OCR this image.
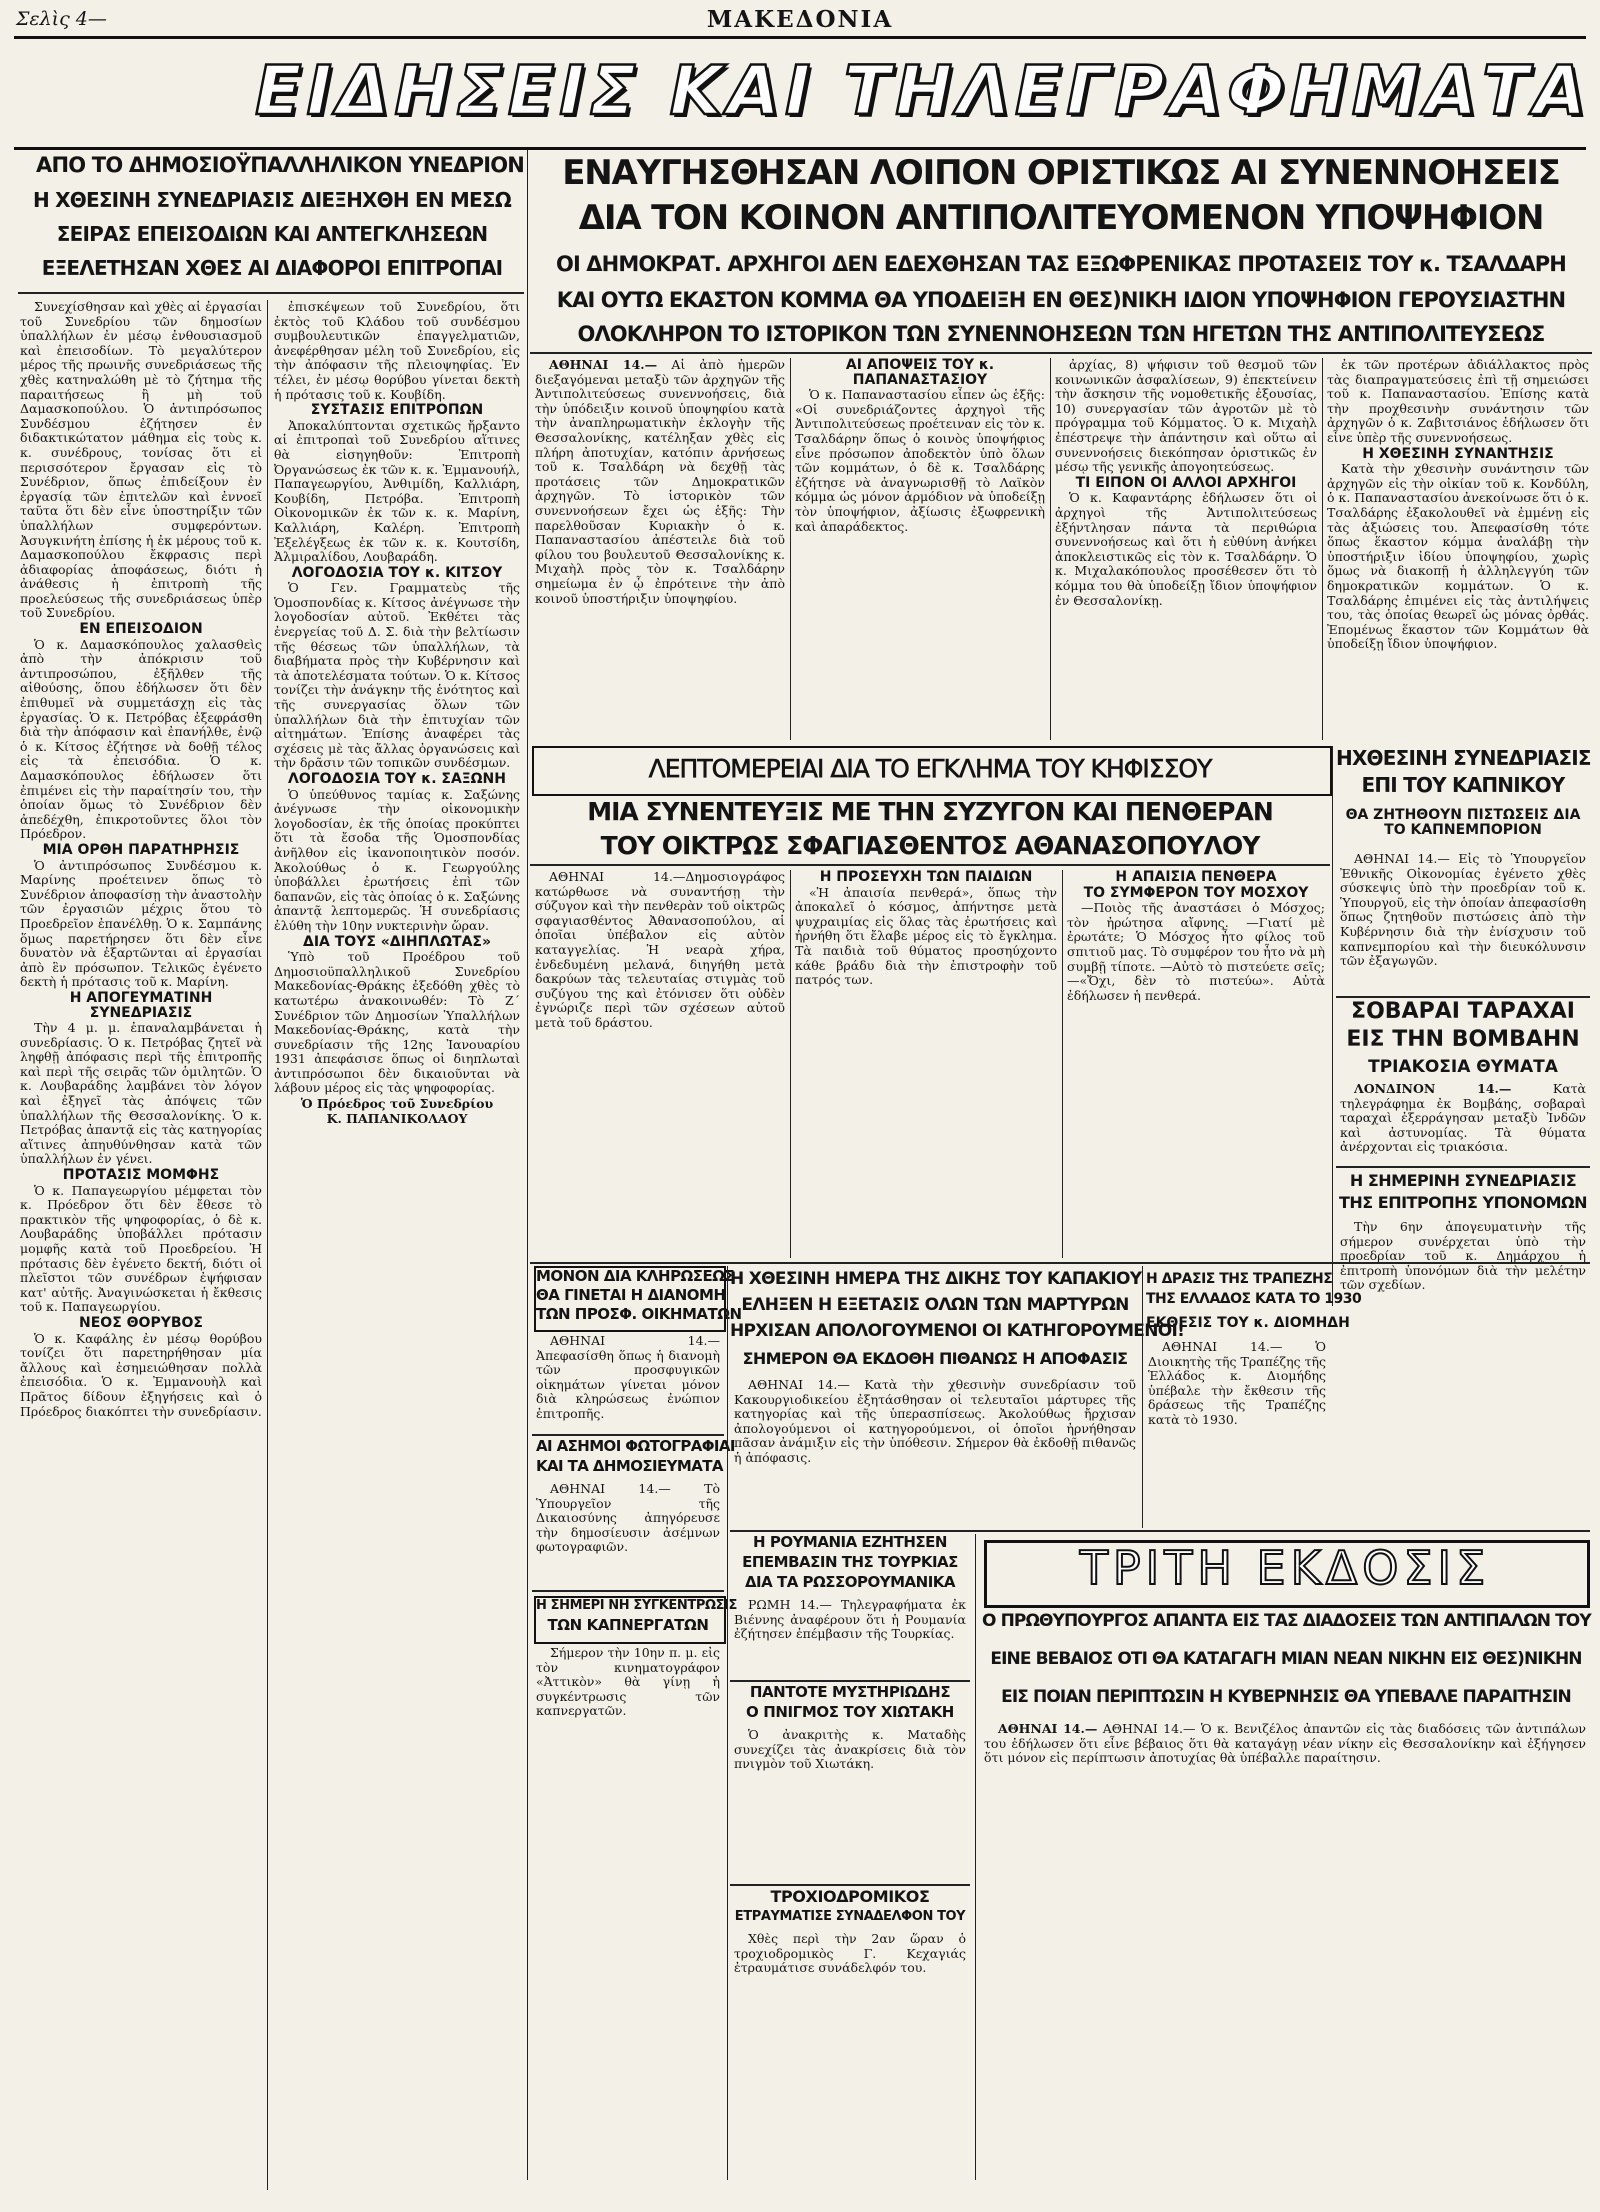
Σελὶς 4—	ΜΑΚΕΔΟΝΙΑ
ΕΙΔΗΣΕΙΣ ΚΑΙ ΤΗΛΕΓΡΑΦΗΜΑΤΑ
ΑΠΟ ΤΟ ΔΗΜΟΣΙΟΫΠΑΛΛΗΛΙΚΟΝ ΥΝΕΔΡΙΟΝ
Η ΧΘΕΣΙΝΗ ΣΥΝΕΔΡΙΑΣΙΣ ΔΙΕΞΗΧΘΗ ΕΝ ΜΕΣΩ
ΣΕΙΡΑΣ ΕΠΕΙΣΟΔΙΩΝ ΚΑΙ ΑΝΤΕΓΚΛΗΣΕΩΝ
ΕΞΕΛΕΤΗΣΑΝ ΧΘΕΣ ΑΙ ΔΙΑΦΟΡΟΙ ΕΠΙΤΡΟΠΑΙ

Συνεχίσθησαν καὶ χθὲς αἱ ἐργασίαι τοῦ Συνεδρίου τῶν δημοσίων ὑπαλλήλων ἐν μέσῳ ἐνθουσιασμοῦ καὶ ἐπεισοδίων. Τὸ μεγαλύτερον μέρος τῆς πρωινῆς συνεδριάσεως τῆς χθὲς κατηναλώθη μὲ τὸ ζήτημα τῆς παραιτήσεως ἢ μὴ τοῦ Δαμασκοπούλου. Ὁ ἀντιπρόσωπος Συνδέσμου ἐζήτησεν ἐν διδακτικώτατον μάθημα εἰς τοὺς κ. κ. συνέδρους, τονίσας ὅτι εἰ περισσότερον ἔργασαν εἰς τὸ Συνέδριον, ὅπως ἐπιδείξουν ἐν ἐργασίᾳ τῶν ἐπιτελῶν καὶ ἐννοεῖ ταῦτα ὅτι δὲν εἶνε ὑποστηρίξιν τῶν ὑπαλλήλων συμφερόντων. Ἀσυγκινήτη ἐπίσης ἡ ἐκ μέρους τοῦ κ. Δαμασκοπούλου ἔκφρασις περὶ ἀδιαφορίας ἀποφάσεως, διότι ἡ ἀνάθεσις ἡ ἐπιτροπὴ τῆς προελεύσεως τῆς συνεδριάσεως ὑπὲρ τοῦ Συνεδρίου.

ΕΝ ΕΠΕΙΣΟΔΙΟΝ

Ὁ κ. Δαμασκόπουλος χαλασθεὶς ἀπὸ τὴν ἀπόκρισιν τοῦ ἀντιπροσώπου, ἐξῆλθεν τῆς αἰθούσης, ὅπου ἐδήλωσεν ὅτι δὲν ἐπιθυμεῖ νὰ συμμετάσχῃ εἰς τὰς ἐργασίας. Ὁ κ. Πετρόβας ἐξεφράσθη διὰ τὴν ἀπόφασιν καὶ ἐπανήλθε, ἐνῷ ὁ κ. Κίτσος ἐζήτησε νὰ δοθῇ τέλος εἰς τὰ ἐπεισόδια. Ὁ κ. Δαμασκόπουλος ἐδήλωσεν ὅτι ἐπιμένει εἰς τὴν παραίτησίν του, τὴν ὁποίαν ὅμως τὸ Συνέδριον δὲν ἀπεδέχθη, ἐπικροτοῦντες ὅλοι τὸν Πρόεδρον.

ΜΙΑ ΟΡΘΗ ΠΑΡΑΤΗΡΗΣΙΣ

Ὁ ἀντιπρόσωπος Συνδέσμου κ. Μαρίνης προέτεινεν ὅπως τὸ Συνέδριον ἀποφασίσῃ τὴν ἀναστολὴν τῶν ἐργασιῶν μέχρις ὅτου τὸ Προεδρεῖον ἐπανέλθῃ. Ὁ κ. Σαμπάνης ὅμως παρετήρησεν ὅτι δὲν εἶνε δυνατὸν νὰ ἐξαρτῶνται αἱ ἐργασίαι ἀπὸ ἓν πρόσωπον. Τελικῶς ἐγένετο δεκτὴ ἡ πρότασις τοῦ κ. Μαρίνη.

Η ΑΠΟΓΕΥΜΑΤΙΝΗ ΣΥΝΕΔΡΙΑΣΙΣ

Τὴν 4 μ. μ. ἐπαναλαμβάνεται ἡ συνεδρίασις. Ὁ κ. Πετρόβας ζητεῖ νὰ ληφθῇ ἀπόφασις περὶ τῆς ἐπιτροπῆς καὶ περὶ τῆς σειρᾶς τῶν ὁμιλητῶν. Ὁ κ. Λουβαράδης λαμβάνει τὸν λόγον καὶ ἐξηγεῖ τὰς ἀπόψεις τῶν ὑπαλλήλων τῆς Θεσσαλονίκης. Ὁ κ. Πετρόβας ἀπαντᾷ εἰς τὰς κατηγορίας αἵτινες ἀπηυθύνθησαν κατὰ τῶν ὑπαλλήλων ἐν γένει.

ΠΡΟΤΑΣΙΣ ΜΟΜΦΗΣ

Ὁ κ. Παπαγεωργίου μέμφεται τὸν κ. Πρόεδρον ὅτι δὲν ἔθεσε τὸ πρακτικὸν τῆς ψηφοφορίας, ὁ δὲ κ. Λουβαράδης ὑποβάλλει πρότασιν μομφῆς κατὰ τοῦ Προεδρείου. Ἡ πρότασις δὲν ἐγένετο δεκτή, διότι οἱ πλεῖστοι τῶν συνέδρων ἐψήφισαν κατ' αὐτῆς. Ἀναγινώσκεται ἡ ἔκθεσις τοῦ κ. Παπαγεωργίου.

ΝΕΟΣ ΘΟΡΥΒΟΣ

Ὁ κ. Καφάλης ἐν μέσῳ θορύβου τονίζει ὅτι παρετηρήθησαν μία ἄλλους καὶ ἐσημειώθησαν πολλὰ ἐπεισόδια. Ὁ κ. Ἐμμανουὴλ καὶ Πρᾶτος δίδουν ἐξηγήσεις καὶ ὁ Πρόεδρος διακόπτει τὴν συνεδρίασιν.

ἐπισκέψεων τοῦ Συνεδρίου, ὅτι ἐκτὸς τοῦ Κλάδου τοῦ συνδέσμου συμβουλευτικῶν ἐπαγγελματιῶν, ἀνεφέρθησαν μέλη τοῦ Συνεδρίου, εἰς τὴν ἀπόφασιν τῆς πλειοψηφίας. Ἐν τέλει, ἐν μέσῳ θορύβου γίνεται δεκτὴ ἡ πρότασις τοῦ κ. Κουβίδη.

ΣΥΣΤΑΣΙΣ ΕΠΙΤΡΟΠΩΝ

Ἀποκαλύπτονται σχετικῶς ἤρξαντο αἱ ἐπιτροπαὶ τοῦ Συνεδρίου αἵτινες θὰ εἰσηγηθοῦν: Ἐπιτροπὴ Ὀργανώσεως ἐκ τῶν κ. κ. Ἐμμανουήλ, Παπαγεωργίου, Ἀνθιμίδη, Καλλιάρη, Κουβίδη, Πετρόβα. Ἐπιτροπὴ Οἰκονομικῶν ἐκ τῶν κ. κ. Μαρίνη, Καλλιάρη, Καλέρη. Ἐπιτροπὴ Ἐξελέγξεως ἐκ τῶν κ. κ. Κουτσίδη, Ἀλμιραλίδου, Λουβαράδη.

ΛΟΓΟΔΟΣΙΑ ΤΟΥ κ. ΚΙΤΣΟΥ

Ὁ Γεν. Γραμματεὺς τῆς Ὁμοσπονδίας κ. Κίτσος ἀνέγνωσε τὴν λογοδοσίαν αὐτοῦ. Ἐκθέτει τὰς ἐνεργείας τοῦ Δ. Σ. διὰ τὴν βελτίωσιν τῆς θέσεως τῶν ὑπαλλήλων, τὰ διαβήματα πρὸς τὴν Κυβέρνησιν καὶ τὰ ἀποτελέσματα τούτων. Ὁ κ. Κίτσος τονίζει τὴν ἀνάγκην τῆς ἑνότητος καὶ τῆς συνεργασίας ὅλων τῶν ὑπαλλήλων διὰ τὴν ἐπιτυχίαν τῶν αἰτημάτων. Ἐπίσης ἀναφέρει τὰς σχέσεις μὲ τὰς ἄλλας ὀργανώσεις καὶ τὴν δρᾶσιν τῶν τοπικῶν συνδέσμων.

ΛΟΓΟΔΟΣΙΑ ΤΟΥ κ. ΣΑΞΩΝΗ

Ὁ ὑπεύθυνος ταμίας κ. Σαξώνης ἀνέγνωσε τὴν οἰκονομικὴν λογοδοσίαν, ἐκ τῆς ὁποίας προκύπτει ὅτι τὰ ἔσοδα τῆς Ὁμοσπονδίας ἀνῆλθον εἰς ἱκανοποιητικὸν ποσόν. Ἀκολούθως ὁ κ. Γεωργούλης ὑποβάλλει ἐρωτήσεις ἐπὶ τῶν δαπανῶν, εἰς τὰς ὁποίας ὁ κ. Σαξώνης ἀπαντᾷ λεπτομερῶς. Ἡ συνεδρίασις ἐλύθη τὴν 10ην νυκτερινὴν ὥραν.

ΔΙΑ ΤΟΥΣ «ΔΙΗΠΛΩΤΑΣ»

Ὑπὸ τοῦ Προέδρου τοῦ Δημοσιοϋπαλληλικοῦ Συνεδρίου Μακεδονίας-Θράκης ἐξεδόθη χθὲς τὸ κατωτέρω ἀνακοινωθέν: Τὸ Ζ΄ Συνέδριον τῶν Δημοσίων Ὑπαλλήλων Μακεδονίας-Θράκης, κατὰ τὴν συνεδρίασιν τῆς 12ης Ἰανουαρίου 1931 ἀπεφάσισε ὅπως οἱ διηπλωταὶ ἀντιπρόσωποι δὲν δικαιοῦνται νὰ λάβουν μέρος εἰς τὰς ψηφοφορίας.

Ὁ Πρόεδρος τοῦ Συνεδρίου
Κ. ΠΑΠΑΝΙΚΟΛΑΟΥ

ΕΝΑΥΓΗΣΘΗΣΑΝ ΛΟΙΠΟΝ ΟΡΙΣΤΙΚΩΣ ΑΙ ΣΥΝΕΝΝΟΗΣΕΙΣ
ΔΙΑ ΤΟΝ ΚΟΙΝΟΝ ΑΝΤΙΠΟΛΙΤΕΥΟΜΕΝΟΝ ΥΠΟΨΗΦΙΟΝ
ΟΙ ΔΗΜΟΚΡΑΤ. ΑΡΧΗΓΟΙ ΔΕΝ ΕΔΕΧΘΗΣΑΝ ΤΑΣ ΕΞΩΦΡΕΝΙΚΑΣ ΠΡΟΤΑΣΕΙΣ ΤΟΥ κ. ΤΣΑΛΔΑΡΗ
ΚΑΙ ΟΥΤΩ ΕΚΑΣΤΟΝ ΚΟΜΜΑ ΘΑ ΥΠΟΔΕΙΞΗ ΕΝ ΘΕΣ)ΝΙΚΗ ΙΔΙΟΝ ΥΠΟΨΗΦΙΟΝ ΓΕΡΟΥΣΙΑΣΤΗΝ
ΟΛΟΚΛΗΡΟΝ ΤΟ ΙΣΤΟΡΙΚΟΝ ΤΩΝ ΣΥΝΕΝΝΟΗΣΕΩΝ ΤΩΝ ΗΓΕΤΩΝ ΤΗΣ ΑΝΤΙΠΟΛΙΤΕΥΣΕΩΣ

ΑΘΗΝΑΙ 14.— Αἱ ἀπὸ ἡμερῶν διεξαγόμεναι μεταξὺ τῶν ἀρχηγῶν τῆς Ἀντιπολιτεύσεως συνεννοήσεις, διὰ τὴν ὑπόδειξιν κοινοῦ ὑποψηφίου κατὰ τὴν ἀναπληρωματικὴν ἐκλογὴν τῆς Θεσσαλονίκης, κατέληξαν χθὲς εἰς πλήρη ἀποτυχίαν, κατόπιν ἀρνήσεως τοῦ κ. Τσαλδάρη νὰ δεχθῇ τὰς προτάσεις τῶν Δημοκρατικῶν ἀρχηγῶν. Τὸ ἱστορικὸν τῶν συνεννοήσεων ἔχει ὡς ἑξῆς: Τὴν παρελθοῦσαν Κυριακὴν ὁ κ. Παπαναστασίου ἀπέστειλε διὰ τοῦ φίλου του βουλευτοῦ Θεσσαλονίκης κ. Μιχαὴλ πρὸς τὸν κ. Τσαλδάρην σημείωμα ἐν ᾧ ἐπρότεινε τὴν ἀπὸ κοινοῦ ὑποστήριξιν ὑποψηφίου.

ΑΙ ΑΠΟΨΕΙΣ ΤΟΥ κ. ΠΑΠΑΝΑΣΤΑΣΙΟΥ

Ὁ κ. Παπαναστασίου εἶπεν ὡς ἑξῆς: «Οἱ συνεδριάζοντες ἀρχηγοὶ τῆς Ἀντιπολιτεύσεως προέτειναν εἰς τὸν κ. Τσαλδάρην ὅπως ὁ κοινὸς ὑποψήφιος εἶνε πρόσωπον ἀποδεκτὸν ὑπὸ ὅλων τῶν κομμάτων, ὁ δὲ κ. Τσαλδάρης ἐζήτησε νὰ ἀναγνωρισθῇ τὸ Λαϊκὸν κόμμα ὡς μόνον ἁρμόδιον νὰ ὑποδείξῃ τὸν ὑποψήφιον, ἀξίωσις ἐξωφρενικὴ καὶ ἀπαράδεκτος.

ἀρχίας, 8) ψήφισιν τοῦ θεσμοῦ τῶν κοινωνικῶν ἀσφαλίσεων, 9) ἐπεκτείνειν τὴν ἄσκησιν τῆς νομοθετικῆς ἐξουσίας, 10) συνεργασίαν τῶν ἀγροτῶν μὲ τὸ πρόγραμμα τοῦ Κόμματος. Ὁ κ. Μιχαὴλ ἐπέστρεψε τὴν ἀπάντησιν καὶ οὕτω αἱ συνεννοήσεις διεκόπησαν ὁριστικῶς ἐν μέσῳ τῆς γενικῆς ἀπογοητεύσεως.

ΤΙ ΕΙΠΟΝ ΟΙ ΑΛΛΟΙ ΑΡΧΗΓΟΙ

Ὁ κ. Καφαντάρης ἐδήλωσεν ὅτι οἱ ἀρχηγοὶ τῆς Ἀντιπολιτεύσεως ἐξήντλησαν πάντα τὰ περιθώρια συνεννοήσεως καὶ ὅτι ἡ εὐθύνη ἀνήκει ἀποκλειστικῶς εἰς τὸν κ. Τσαλδάρην. Ὁ κ. Μιχαλακόπουλος προσέθεσεν ὅτι τὸ κόμμα του θὰ ὑποδείξῃ ἴδιον ὑποψήφιον ἐν Θεσσαλονίκῃ.

ἐκ τῶν προτέρων ἀδιάλλακτος πρὸς τὰς διαπραγματεύσεις ἐπὶ τῇ σημειώσει τοῦ κ. Παπαναστασίου. Ἐπίσης κατὰ τὴν προχθεσινὴν συνάντησιν τῶν ἀρχηγῶν ὁ κ. Ζαβιτσιάνος ἐδήλωσεν ὅτι εἶνε ὑπὲρ τῆς συνεννοήσεως.

Η ΧΘΕΣΙΝΗ ΣΥΝΑΝΤΗΣΙΣ

Κατὰ τὴν χθεσινὴν συνάντησιν τῶν ἀρχηγῶν εἰς τὴν οἰκίαν τοῦ κ. Κονδύλη, ὁ κ. Παπαναστασίου ἀνεκοίνωσε ὅτι ὁ κ. Τσαλδάρης ἐξακολουθεῖ νὰ ἐμμένῃ εἰς τὰς ἀξιώσεις του. Ἀπεφασίσθη τότε ὅπως ἕκαστον κόμμα ἀναλάβῃ τὴν ὑποστήριξιν ἰδίου ὑποψηφίου, χωρὶς ὅμως νὰ διακοπῇ ἡ ἀλληλεγγύη τῶν δημοκρατικῶν κομμάτων. Ὁ κ. Τσαλδάρης ἐπιμένει εἰς τὰς ἀντιλήψεις του, τὰς ὁποίας θεωρεῖ ὡς μόνας ὀρθάς. Ἐπομένως ἕκαστον τῶν Κομμάτων θὰ ὑποδείξῃ ἴδιον ὑποψήφιον.

ΛΕΠΤΟΜΕΡΕΙΑΙ ΔΙΑ ΤΟ ΕΓΚΛΗΜΑ ΤΟΥ ΚΗΦΙΣΣΟΥ
ΜΙΑ ΣΥΝΕΝΤΕΥΞΙΣ ΜΕ ΤΗΝ ΣΥΖΥΓΟΝ ΚΑΙ ΠΕΝΘΕΡΑΝ
ΤΟΥ ΟΙΚΤΡΩΣ ΣΦΑΓΙΑΣΘΕΝΤΟΣ ΑΘΑΝΑΣΟΠΟΥΛΟΥ

ΑΘΗΝΑΙ 14.—Δημοσιογράφος κατώρθωσε νὰ συναντήσῃ τὴν σύζυγον καὶ τὴν πενθερὰν τοῦ οἰκτρῶς σφαγιασθέντος Ἀθανασοπούλου, αἱ ὁποῖαι ὑπέβαλον εἰς αὐτὸν καταγγελίας. Ἡ νεαρὰ χήρα, ἐνδεδυμένη μελανά, διηγήθη μετὰ δακρύων τὰς τελευταίας στιγμὰς τοῦ συζύγου της καὶ ἐτόνισεν ὅτι οὐδὲν ἐγνώριζε περὶ τῶν σχέσεων αὐτοῦ μετὰ τοῦ δράστου.

Η ΠΡΟΣΕΥΧΗ ΤΩΝ ΠΑΙΔΙΩΝ

«Ἡ ἀπαισία πενθερά», ὅπως τὴν ἀποκαλεῖ ὁ κόσμος, ἀπήντησε μετὰ ψυχραιμίας εἰς ὅλας τὰς ἐρωτήσεις καὶ ἠρνήθη ὅτι ἔλαβε μέρος εἰς τὸ ἔγκλημα. Τὰ παιδιὰ τοῦ θύματος προσηύχοντο κάθε βράδυ διὰ τὴν ἐπιστροφὴν τοῦ πατρός των.

Η ΑΠΑΙΣΙΑ ΠΕΝΘΕΡΑ

ΤΟ ΣΥΜΦΕΡΟΝ ΤΟΥ ΜΟΣΧΟΥ

—Ποιὸς τῆς ἀναστάσει ὁ Μόσχος; τὸν ἠρώτησα αἴφνης. —Γιατί μὲ ἐρωτάτε; Ὁ Μόσχος ἦτο φίλος τοῦ σπιτιοῦ μας. Τὸ συμφέρον του ἦτο νὰ μὴ συμβῇ τίποτε. —Αὐτὸ τὸ πιστεύετε σεῖς; —«Ὄχι, δὲν τὸ πιστεύω». Αὐτὰ ἐδήλωσεν ἡ πενθερά.

ΗΧΘΕΣΙΝΗ ΣΥΝΕΔΡΙΑΣΙΣ
ΕΠΙ ΤΟΥ ΚΑΠΝΙΚΟΥ
ΘΑ ΖΗΤΗΘΟΥΝ ΠΙΣΤΩΣΕΙΣ ΔΙΑ ΤΟ ΚΑΠΝΕΜΠΟΡΙΟΝ

ΑΘΗΝΑΙ 14.— Εἰς τὸ Ὑπουργεῖον Ἐθνικῆς Οἰκονομίας ἐγένετο χθὲς σύσκεψις ὑπὸ τὴν προεδρίαν τοῦ κ. Ὑπουργοῦ, εἰς τὴν ὁποίαν ἀπεφασίσθη ὅπως ζητηθοῦν πιστώσεις ἀπὸ τὴν Κυβέρνησιν διὰ τὴν ἐνίσχυσιν τοῦ καπνεμπορίου καὶ τὴν διευκόλυνσιν τῶν ἐξαγωγῶν.

ΣΟΒΑΡΑΙ ΤΑΡΑΧΑΙ
ΕΙΣ ΤΗΝ ΒΟΜΒΑΗΝ
ΤΡΙΑΚΟΣΙΑ ΘΥΜΑΤΑ

ΛΟΝΔΙΝΟΝ 14.—	Κατὰ τηλεγράφημα ἐκ Βομβάης, σοβαραὶ ταραχαὶ ἐξερράγησαν μεταξὺ Ἰνδῶν καὶ ἀστυνομίας. Τὰ θύματα ἀνέρχονται εἰς τριακόσια.

Η ΣΗΜΕΡΙΝΗ ΣΥΝΕΔΡΙΑΣΙΣ
ΤΗΣ ΕΠΙΤΡΟΠΗΣ ΥΠΟΝΟΜΩΝ

Τὴν 6ην ἀπογευματινὴν τῆς σήμερον συνέρχεται ὑπὸ τὴν προεδρίαν τοῦ κ. Δημάρχου ἡ ἐπιτροπὴ ὑπονόμων διὰ τὴν μελέτην τῶν σχεδίων.

ΜΟΝΟΝ ΔΙΑ ΚΛΗΡΩΣΕΩΣ
ΘΑ ΓΙΝΕΤΑΙ Η ΔΙΑΝΟΜΗ
ΤΩΝ ΠΡΟΣΦ. ΟΙΚΗΜΑΤΩΝ

ΑΘΗΝΑΙ 14.— Ἀπεφασίσθη ὅπως ἡ διανομὴ τῶν προσφυγικῶν οἰκημάτων γίνεται μόνον διὰ κληρώσεως ἐνώπιον ἐπιτροπῆς.

ΑΙ ΑΣΗΜΟΙ ΦΩΤΟΓΡΑΦΙΑΙ
ΚΑΙ ΤΑ ΔΗΜΟΣΙΕΥΜΑΤΑ

ΑΘΗΝΑΙ 14.— Τὸ Ὑπουργεῖον τῆς Δικαιοσύνης ἀπηγόρευσε τὴν δημοσίευσιν ἀσέμνων φωτογραφιῶν.

Η ΣΗΜΕΡΙ ΝΗ ΣΥΓΚΕΝΤΡΩΣΙΣ
ΤΩΝ ΚΑΠΝΕΡΓΑΤΩΝ

Σήμερον τὴν 10ην π. μ. εἰς τὸν κινηματογράφον «Ἀττικὸν» θὰ γίνῃ ἡ συγκέντρωσις τῶν καπνεργατῶν.

Η ΧΘΕΣΙΝΗ ΗΜΕΡΑ ΤΗΣ ΔΙΚΗΣ ΤΟΥ ΚΑΠΑΚΙΟΥ
ΕΛΗΞΕΝ Η ΕΞΕΤΑΣΙΣ ΟΛΩΝ ΤΩΝ ΜΑΡΤΥΡΩΝ
ΗΡΧΙΣΑΝ ΑΠΟΛΟΓΟΥΜΕΝΟΙ ΟΙ ΚΑΤΗΓΟΡΟΥΜΕΝΟΙ!
ΣΗΜΕΡΟΝ ΘΑ ΕΚΔΟΘΗ ΠΙΘΑΝΩΣ Η ΑΠΟΦΑΣΙΣ

ΑΘΗΝΑΙ 14.— Κατὰ τὴν χθεσινὴν συνεδρίασιν τοῦ Κακουργιοδικείου ἐξητάσθησαν οἱ τελευταῖοι μάρτυρες τῆς κατηγορίας καὶ τῆς ὑπερασπίσεως. Ἀκολούθως ἤρχισαν ἀπολογούμενοι οἱ κατηγορούμενοι, οἱ ὁποῖοι ἠρνήθησαν πᾶσαν ἀνάμιξιν εἰς τὴν ὑπόθεσιν. Σήμερον θὰ ἐκδοθῇ πιθανῶς ἡ ἀπόφασις.

Η ΔΡΑΣΙΣ ΤΗΣ ΤΡΑΠΕΖΗΣ
ΤΗΣ ΕΛΛΑΔΟΣ ΚΑΤΑ ΤΟ 1930
ΕΚΘΕΣΙΣ ΤΟΥ κ. ΔΙΟΜΗΔΗ

ΑΘΗΝΑΙ 14.— Ὁ Διοικητὴς τῆς Τραπέζης τῆς Ἑλλάδος κ. Διομήδης ὑπέβαλε τὴν ἔκθεσιν τῆς δράσεως τῆς Τραπέζης κατὰ τὸ 1930.

Η ΡΟΥΜΑΝΙΑ ΕΖΗΤΗΣΕΝ
ΕΠΕΜΒΑΣΙΝ ΤΗΣ ΤΟΥΡΚΙΑΣ
ΔΙΑ ΤΑ ΡΩΣΣΟΡΟΥΜΑΝΙΚΑ

ΡΩΜΗ 14.— Τηλεγραφήματα ἐκ Βιέννης ἀναφέρουν ὅτι ἡ Ρουμανία ἐζήτησεν ἐπέμβασιν τῆς Τουρκίας.

ΠΑΝΤΟΤΕ ΜΥΣΤΗΡΙΩΔΗΣ
Ο ΠΝΙΓΜΟΣ ΤΟΥ ΧΙΩΤΑΚΗ

Ὁ ἀνακριτὴς κ. Ματαδὴς συνεχίζει τὰς ἀνακρίσεις διὰ τὸν πνιγμὸν τοῦ Χιωτάκη.

ΤΡΟΧΙΟΔΡΟΜΙΚΟΣ
ΕΤΡΑΥΜΑΤΙΣΕ ΣΥΝΑΔΕΛΦΟΝ ΤΟΥ

Χθὲς περὶ τὴν 2αν ὥραν ὁ τροχιοδρομικὸς Γ. Κεχαγιάς ἐτραυμάτισε συνάδελφόν του.

ΤΡΙΤΗ ΕΚΔΟΣΙΣ
Ο ΠΡΩΘΥΠΟΥΡΓΟΣ ΑΠΑΝΤΑ ΕΙΣ ΤΑΣ ΔΙΑΔΟΣΕΙΣ ΤΩΝ ΑΝΤΙΠΑΛΩΝ ΤΟΥ
ΕΙΝΕ ΒΕΒΑΙΟΣ ΟΤΙ ΘΑ ΚΑΤΑΓΑΓΗ ΜΙΑΝ ΝΕΑΝ ΝΙΚΗΝ ΕΙΣ ΘΕΣ)ΝΙΚΗΝ
ΕΙΣ ΠΟΙΑΝ ΠΕΡΙΠΤΩΣΙΝ Η ΚΥΒΕΡΝΗΣΙΣ ΘΑ ΥΠΕΒΑΛΕ ΠΑΡΑΙΤΗΣΙΝ

ΑΘΗΝΑΙ 14.— ΑΘΗΝΑΙ 14.— Ὁ κ. Βενιζέλος ἀπαντῶν εἰς τὰς διαδόσεις τῶν ἀντιπάλων του ἐδήλωσεν ὅτι εἶνε βέβαιος ὅτι θὰ καταγάγῃ νέαν νίκην εἰς Θεσσαλονίκην καὶ ἐξήγησεν ὅτι μόνον εἰς περίπτωσιν ἀποτυχίας θὰ ὑπέβαλλε παραίτησιν.
